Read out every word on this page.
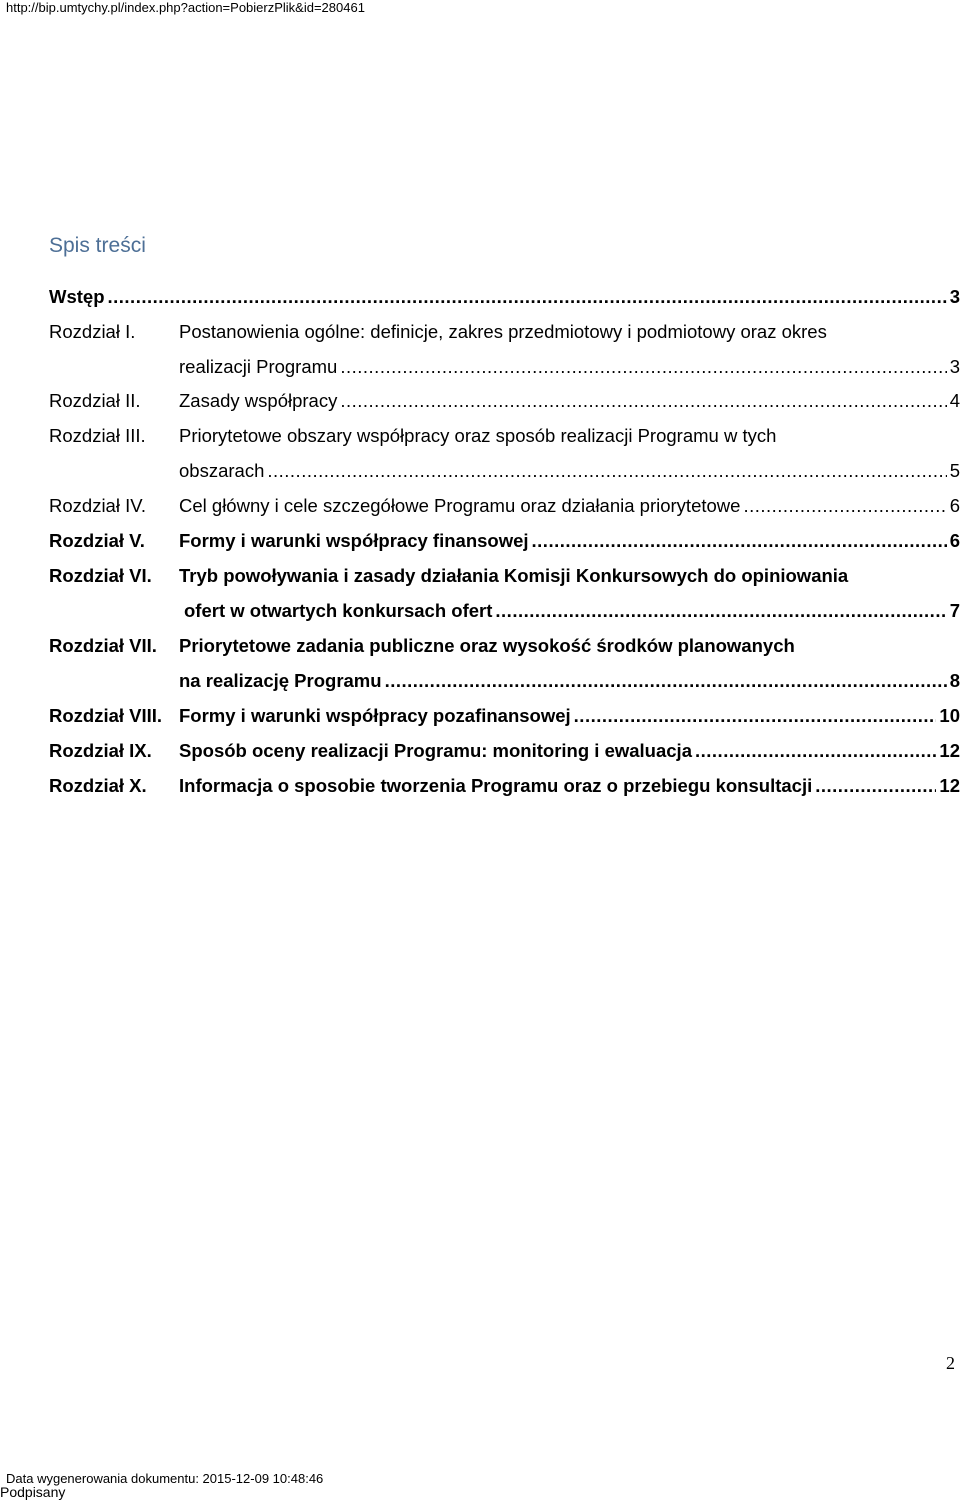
http://bip.umtychy.pl/index.php?action=PobierzPlik&id=280461
Spis treści
Wstęp .....	3
Rozdział I. Postanowienia ogólne: definicje, zakres przedmiotowy i podmiotowy oraz okres
realizacji Programu .....	3
Rozdział II. Zasady współpracy .....	4
Rozdział III. Priorytetowe obszary współpracy oraz sposób realizacji Programu w tych
obszarach .....	5
Rozdział IV. Cel główny i cele szczegółowe Programu oraz działania priorytetowe .....	6
Rozdział V. Formy i warunki współpracy finansowej .....	6
Rozdział VI. Tryb powoływania i zasady działania Komisji Konkursowych do opiniowania
ofert w otwartych konkursach ofert .....	7
Rozdział VII. Priorytetowe zadania publiczne oraz wysokość środków planowanych
na realizację Programu .....	8
Rozdział VIII. Formy i warunki współpracy pozafinansowej .....	10
Rozdział IX. Sposób oceny realizacji Programu: monitoring i ewaluacja .....	12
Rozdział X. Informacja o sposobie tworzenia Programu oraz o przebiegu konsultacji .....	12
2
Data wygenerowania dokumentu: 2015-12-09 10:48:46
Podpisany
